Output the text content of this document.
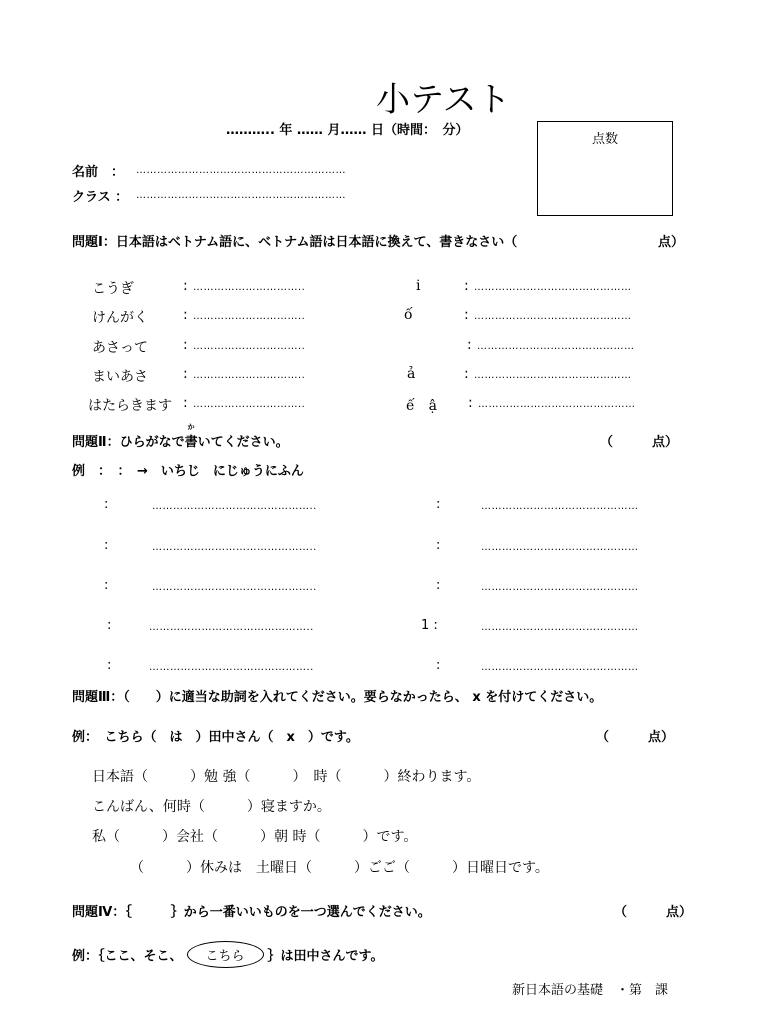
小テスト
……….. 年 …… 月…… 日（時間：　分）
点数
名前　： ……………………………………………………
クラス ： ……………………………………………………
問題Ⅰ：日本語はベトナム語に、ベトナム語は日本語に換えて、書きなさい（	点）
こうぎ	: …………………………..	i	: ………………………………………
けんがく	: …………………………..	ố	: ………………………………………
あさって	: …………………………..	: ………………………………………
まいあさ	: …………………………..	ả	: ………………………………………
はたらきます : …………………………..	ế　ậ : ………………………………………
問題Ⅱ：ひらがなで
か
書いてください。	（　　　点）
例　：　：　→　いちじ　にじゅうにふん
:	………………………………………..	:	………………………………………
:	………………………………………..	:	………………………………………
:	………………………………………..	:	………………………………………
:	………………………………………..	1 :	………………………………………
:	………………………………………..	:	………………………………………
問題Ⅲ：（　　）に適当な助詞を入れてください。要らなかったら、 x を付けてください。
例：　こちら（　は　）田中さん（　x　）です。	（　　　点）
日本語（　　　）勉 強（　　　）　時（　　　）終わります。
こんばん、何時（　　　）寝ますか。
私（　　　）会社（　　　）朝 時（　　　）です。
（　　　）休みは　土曜日（　　　）ごご（　　　）日曜日です。
問題Ⅳ：｛　　　｝から一番いいものを一つ選んでください。	（　　　点）
例：｛ここ、そこ、 こちら ｝は田中さんです。
新日本語の基礎　・第　課
